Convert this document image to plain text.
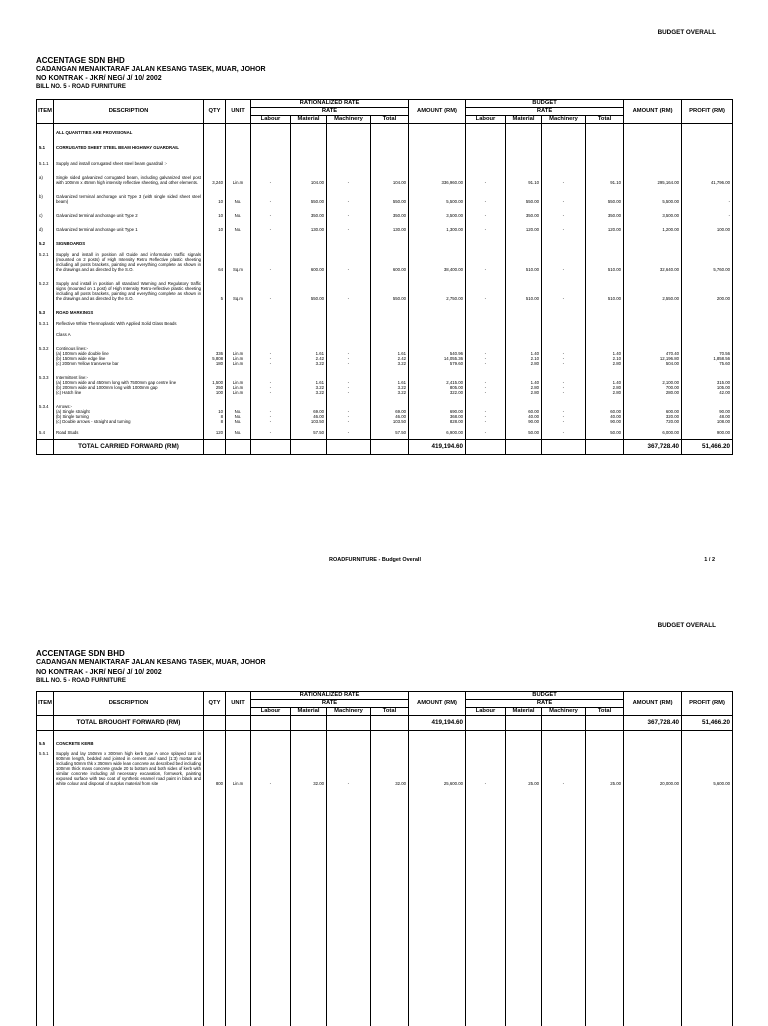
BUDGET OVERALL
ACCENTAGE SDN BHD
CADANGAN MENAIKTARAF JALAN KESANG TASEK, MUAR, JOHOR
NO KONTRAK - JKR/ NEG/ J/ 10/ 2002
BILL NO. 5 - ROAD FURNITURE
ITEM	DESCRIPTION	QTY	UNIT	RATIONALIZED RATE				AMOUNT (RM)	BUDGET				AMOUNT (RM)	PROFIT (RM)
				RATE					RATE					
				Labour	Material	Machinery	Total		Labour	Material	Machinery	Total		

	ALL QUANTITIES ARE PROVISIONAL													

5.1	CORRUGATED SHEET STEEL BEAM HIGHWAY GUARDRAIL													

5.1.1	Supply and install corrugated sheet steel beam guardrail :-													

a)	Single sided galvanized corrugated beam, including galvanized steel post with 100mm x 45mm high intensity reflective sheeting, and other elements.	3,240	Lin.m	-	104.00	-	104.00	336,960.00	-	91.10	-	91.10	295,164.00	41,796.00

b)	Galvanized terminal anchorage unit Type 3 (with single sided sheet steel beam)	10	No.	-	550.00	-	550.00	5,500.00	-	550.00	-	550.00	5,500.00	-

c)	Galvanized terminal anchorage unit Type 2	10	No.	-	350.00	-	350.00	3,500.00	-	350.00	-	350.00	3,500.00	-

d)	Galvanized terminal anchorage unit Type 1	10	No.	-	130.00	-	130.00	1,300.00	-	120.00	-	120.00	1,200.00	100.00

5.2	SIGNBOARDS													

5.2.1	Supply and install in position all Guide and information traffic signals (mounted on 2 posts) of High Intensity Retro Reflective plastic sheeting including all posts brackets, painting and everything complete as shown in the drawings and as directed by the S.O.	64	Sq.m	-	600.00	-	600.00	38,400.00	-	510.00	-	510.00	32,640.00	5,760.00

5.2.2	Supply and install in position all standard Warning and Regulatory traffic signs (mounted on 1 post) of High Intensity Retro-reflective plastic sheeting including all posts brackets, painting and everything complete as shown in the drawings and as directed by the S.O.	5	Sq.m	-	550.00	-	550.00	2,750.00	-	510.00	-	510.00	2,550.00	200.00

5.3	ROAD MARKINGS													

5.3.1	Reflective White Thermoplastic With Applied Solid Glass Beads													

	Class A													

5.3.2	Continous lines:-													
	(a) 100mm wide double line	336	Lin.m	-	1.61	-	1.61	540.96	-	1.40	-	1.40	470.40	70.56
	(b) 150mm wide edge line	5,808	Lin.m	-	2.42	-	2.42	14,055.36	-	2.10	-	2.10	12,196.80	1,858.56
	(c) 200mm Yellow transverse bar	180	Lin.m	-	3.22	-	3.22	579.60	-	2.80	-	2.80	504.00	75.60

5.3.3	Intermittent line:-													
	(a) 100mm wide and 450mm long with 7500mm gap centre line	1,500	Lin.m	-	1.61	-	1.61	2,415.00	-	1.40	-	1.40	2,100.00	315.00
	(b) 200mm wide and 1000mm long with 1000mm gap	250	Lin.m	-	3.22	-	3.22	805.00	-	2.80	-	2.80	700.00	105.00
	(c) Hatch line	100	Lin.m	-	3.22	-	3.22	322.00	-	2.80	-	2.80	280.00	42.00

5.3.4	Arrows:-													
	(a) Single straight	10	No.	-	69.00	-	69.00	690.00	-	60.00	-	60.00	600.00	90.00
	(b) Single turning	8	No.	-	46.00	-	46.00	368.00	-	40.00	-	40.00	320.00	48.00
	(c) Double arrows - straight and turning	8	No.	-	103.50	-	103.50	828.00	-	90.00	-	90.00	720.00	108.00

5.4	Road Studs	120	No.	-	57.50	-	57.50	6,900.00	-	50.00	-	50.00	6,000.00	900.00

	TOTAL CARRIED FORWARD (RM)							419,194.60					367,728.40	51,466.20
ROADFURNITURE - Budget Overall	1 / 2
BUDGET OVERALL
ACCENTAGE SDN BHD
CADANGAN MENAIKTARAF JALAN KESANG TASEK, MUAR, JOHOR
NO KONTRAK - JKR/ NEG/ J/ 10/ 2002
BILL NO. 5 - ROAD FURNITURE
ITEM	DESCRIPTION	QTY	UNIT	RATIONALIZED RATE				AMOUNT (RM)	BUDGET				AMOUNT (RM)	PROFIT (RM)
				RATE					RATE					
				Labour	Material	Machinery	Total		Labour	Material	Machinery	Total		
	TOTAL BROUGHT FORWARD (RM)							419,194.60					367,728.40	51,466.20

5.5	CONCRETE KERB													

5.5.1	Supply and lay 150mm x 300mm high kerb type A once splayed cast in 600mm length, bedded and jointed in cement and sand (1:3) mortar and including 50mm thk x 350mm wide lean concrete as described bed including 100mm thick mass concrete grade 20 to bottom and both sides of kerb with similar concrete including all necessary excavation, formwork, painting exposed surface with two coat of synthetic enamel road paint in black and white colour and disposal of surplus material from site	800	Lin.m	-	32.00	-	32.00	25,600.00	-	25.00	-	25.00	20,000.00	5,600.00
